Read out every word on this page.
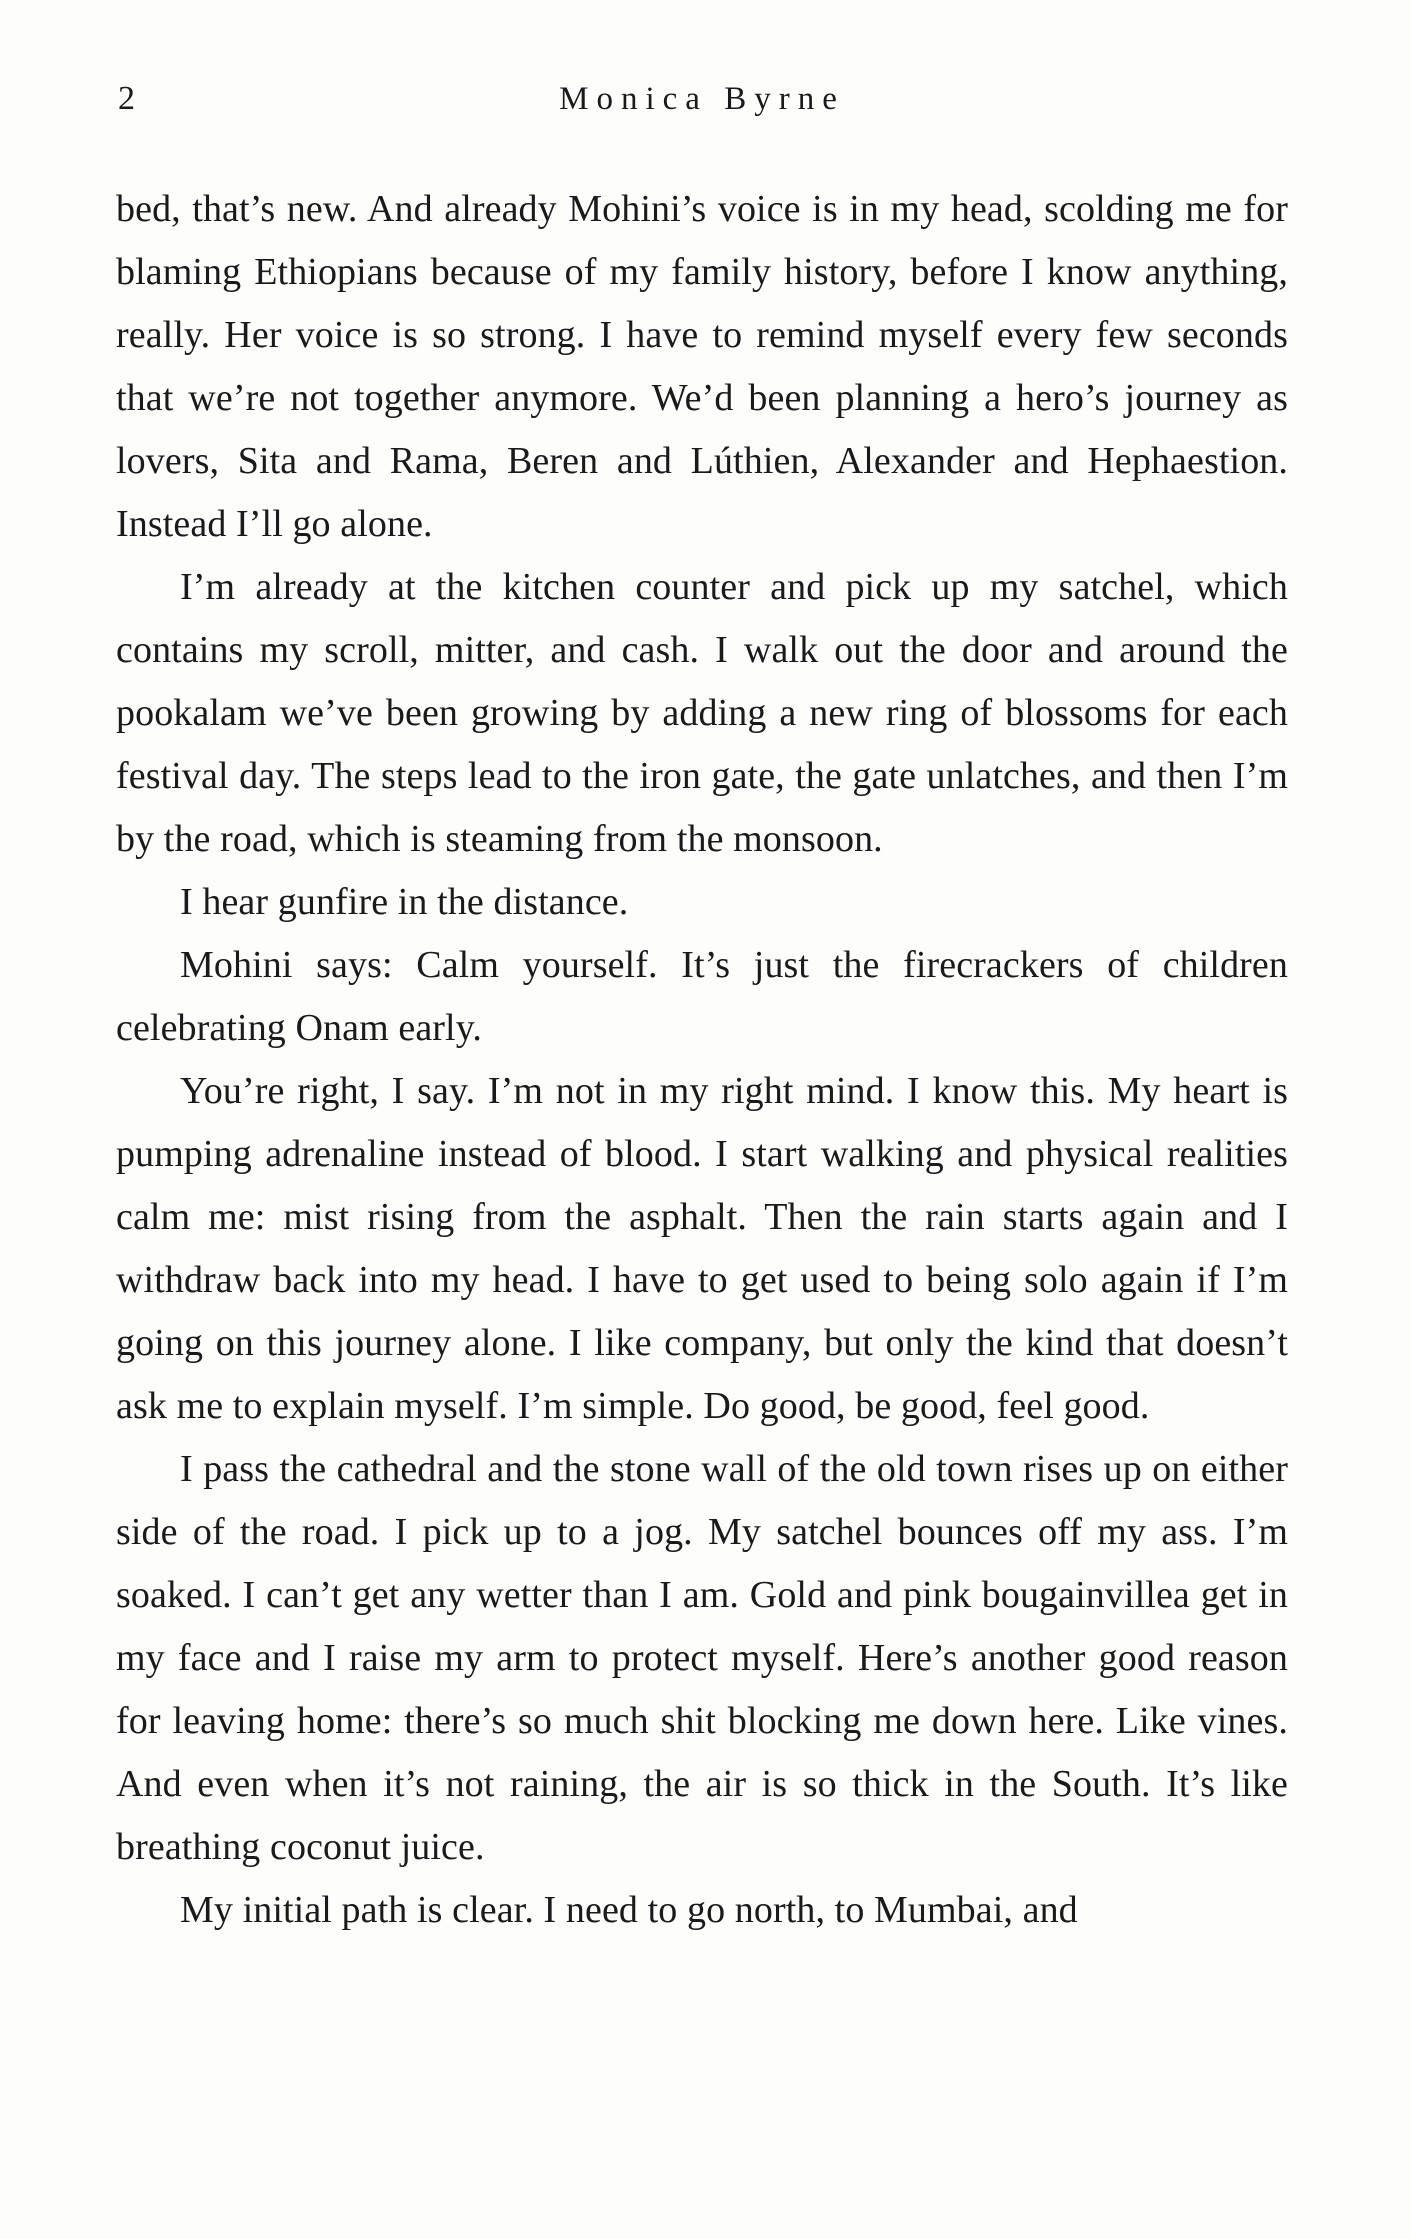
2	Monica Byrne

bed, that’s new. And already Mohini’s voice is in my head, scolding me for blaming Ethiopians because of my family history, before I know anything, really. Her voice is so strong. I have to remind myself every few seconds that we’re not together anymore. We’d been planning a hero’s journey as lovers, Sita and Rama, Beren and Lúthien, Alexander and Hephaestion. Instead I’ll go alone.

I’m already at the kitchen counter and pick up my satchel, which contains my scroll, mitter, and cash. I walk out the door and around the pookalam we’ve been growing by adding a new ring of blossoms for each festival day. The steps lead to the iron gate, the gate unlatches, and then I’m by the road, which is steaming from the monsoon.

I hear gunfire in the distance.

Mohini says: Calm yourself. It’s just the firecrackers of children celebrating Onam early.

You’re right, I say. I’m not in my right mind. I know this. My heart is pumping adrenaline instead of blood. I start walking and physical realities calm me: mist rising from the asphalt. Then the rain starts again and I withdraw back into my head. I have to get used to being solo again if I’m going on this journey alone. I like company, but only the kind that doesn’t ask me to explain myself. I’m simple. Do good, be good, feel good.

I pass the cathedral and the stone wall of the old town rises up on either side of the road. I pick up to a jog. My satchel bounces off my ass. I’m soaked. I can’t get any wetter than I am. Gold and pink bougainvillea get in my face and I raise my arm to protect myself. Here’s another good reason for leaving home: there’s so much shit blocking me down here. Like vines. And even when it’s not raining, the air is so thick in the South. It’s like breathing coconut juice.

My initial path is clear. I need to go north, to Mumbai, and
